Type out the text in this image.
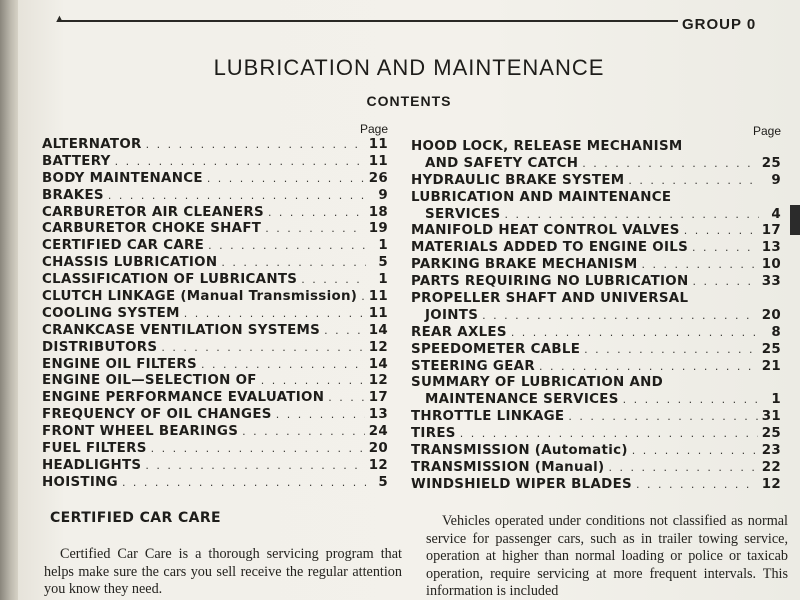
▲	GROUP 0
LUBRICATION AND MAINTENANCE
CONTENTS
Page
ALTERNATOR . . .	11
BATTERY . . .	11
BODY MAINTENANCE . . .	26
BRAKES . . .	9
CARBURETOR AIR CLEANERS . . .	18
CARBURETOR CHOKE SHAFT . . .	19
CERTIFIED CAR CARE . . .	1
CHASSIS LUBRICATION . . .	5
CLASSIFICATION OF LUBRICANTS . . .	1
CLUTCH LINKAGE (Manual Transmission) . . . 11
COOLING SYSTEM . . .	11
CRANKCASE VENTILATION SYSTEMS . . .	14
DISTRIBUTORS . . .	12
ENGINE OIL FILTERS . . .	14
ENGINE OIL—SELECTION OF . . .	12
ENGINE PERFORMANCE EVALUATION . . .	17
FREQUENCY OF OIL CHANGES . . .	13
FRONT WHEEL BEARINGS . . .	24
FUEL FILTERS . . .	20
HEADLIGHTS . . .	12
HOISTING . . .	5
Page
HOOD LOCK, RELEASE MECHANISM
AND SAFETY CATCH . . .	25
HYDRAULIC BRAKE SYSTEM . . .	9
LUBRICATION AND MAINTENANCE
SERVICES . . .	4
MANIFOLD HEAT CONTROL VALVES . . .	17
MATERIALS ADDED TO ENGINE OILS . . .	13
PARKING BRAKE MECHANISM . . .	10
PARTS REQUIRING NO LUBRICATION . . .	33
PROPELLER SHAFT AND UNIVERSAL
JOINTS . . .	20
REAR AXLES . . .	8
SPEEDOMETER CABLE . . .	25
STEERING GEAR . . .	21
SUMMARY OF LUBRICATION AND
MAINTENANCE SERVICES . . .	1
THROTTLE LINKAGE . . .	31
TIRES . . .	25
TRANSMISSION (Automatic) . . .	23
TRANSMISSION (Manual) . . .	22
WINDSHIELD WIPER BLADES . . .	12
CERTIFIED CAR CARE

Certified Car Care is a thorough servicing program that helps make sure the cars you sell receive the regular attention you know they need.

Vehicles operated under conditions not classified as normal service for passenger cars, such as in trailer towing service, operation at higher than normal loading or police or taxicab operation, require servicing at more frequent intervals. This information is included
